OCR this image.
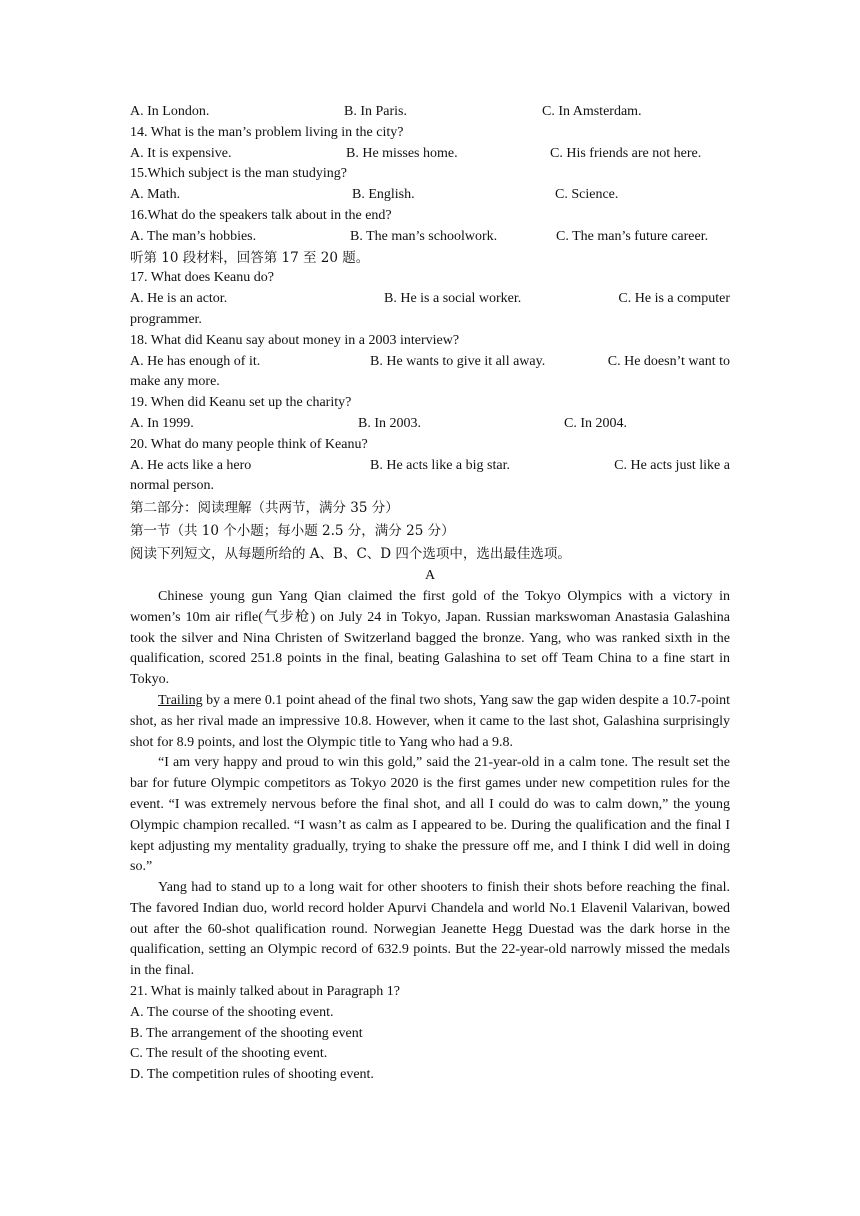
A. In London.	B. In Paris.	C. In Amsterdam.
14. What is the man’s problem living in the city?
A. It is expensive.	B. He misses home.	C. His friends are not here.
15.Which subject is the man studying?
A. Math.	B. English.	C. Science.
16.What do the speakers talk about in the end?
A. The man’s hobbies.	B. The man’s schoolwork.	C. The man’s future career.
听第 10 段材料，回答第 17 至 20 题。
17. What does Keanu do?
A. He is an actor.	B. He is a social worker.	C. He is a computer
programmer.
18. What did Keanu say about money in a 2003 interview?
A. He has enough of it.	B. He wants to give it all away.	C. He doesn’t want to
make any more.
19. When did Keanu set up the charity?
A. In 1999.	B. In 2003.	C. In 2004.
20. What do many people think of Keanu?
A. He acts like a hero	B. He acts like a big star.	C. He acts just like a
normal person.
第二部分：阅读理解（共两节，满分 35 分）
第一节（共 10 个小题；每小题 2.5 分，满分 25 分）
阅读下列短文，从每题所给的 A、B、C、D 四个选项中，选出最佳选项。
A

Chinese young gun Yang Qian claimed the first gold of the Tokyo Olympics with a victory in women’s 10m air rifle(气步枪) on July 24 in Tokyo, Japan. Russian markswoman Anastasia Galashina took the silver and Nina Christen of Switzerland bagged the bronze. Yang, who was ranked sixth in the qualification, scored 251.8 points in the final, beating Galashina to set off Team China to a fine start in Tokyo.

Trailing by a mere 0.1 point ahead of the final two shots, Yang saw the gap widen despite a 10.7-point shot, as her rival made an impressive 10.8. However, when it came to the last shot, Galashina surprisingly shot for 8.9 points, and lost the Olympic title to Yang who had a 9.8.

“I am very happy and proud to win this gold,” said the 21-year-old in a calm tone. The result set the bar for future Olympic competitors as Tokyo 2020 is the first games under new competition rules for the event. “I was extremely nervous before the final shot, and all I could do was to calm down,” the young Olympic champion recalled. “I wasn’t as calm as I appeared to be. During the qualification and the final I kept adjusting my mentality gradually, trying to shake the pressure off me, and I think I did well in doing so.”

Yang had to stand up to a long wait for other shooters to finish their shots before reaching the final. The favored Indian duo, world record holder Apurvi Chandela and world No.1 Elavenil Valarivan, bowed out after the 60-shot qualification round. Norwegian Jeanette Hegg Duestad was the dark horse in the qualification, setting an Olympic record of 632.9 points. But the 22-year-old narrowly missed the medals in the final.

21. What is mainly talked about in Paragraph 1?
A. The course of the shooting event.
B. The arrangement of the shooting event
C. The result of the shooting event.
D. The competition rules of shooting event.
